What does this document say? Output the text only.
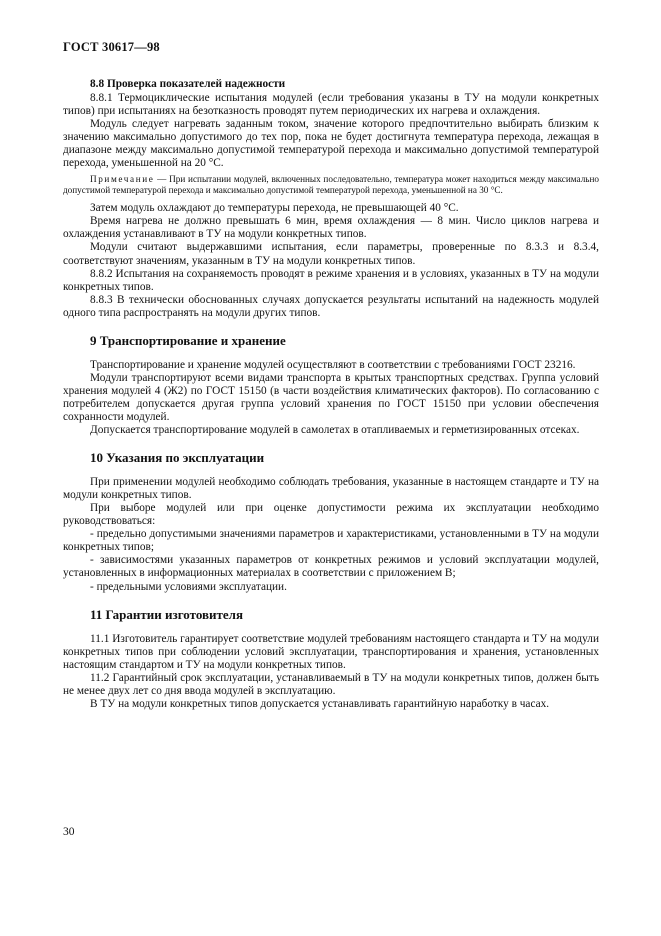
ГОСТ 30617—98
8.8 Проверка показателей надежности

8.8.1 Термоциклические испытания модулей (если требования указаны в ТУ на модули конкретных типов) при испытаниях на безотказность проводят путем периодических их нагрева и охлаждения.

Модуль следует нагревать заданным током, значение которого предпочтительно выбирать близким к значению максимально допустимого до тех пор, пока не будет достигнута температура перехода, лежащая в диапазоне между максимально допустимой температурой перехода и максимально допустимой температурой перехода, уменьшенной на 20 °С.

Примечание — При испытании модулей, включенных последовательно, температура может находиться между максимально допустимой температурой перехода и максимально допустимой температурой перехода, уменьшенной на 30 °С.

Затем модуль охлаждают до температуры перехода, не превышающей 40 °С.

Время нагрева не должно превышать 6 мин, время охлаждения — 8 мин. Число циклов нагрева и охлаждения устанавливают в ТУ на модули конкретных типов.

Модули считают выдержавшими испытания, если параметры, проверенные по 8.3.3 и 8.3.4, соответствуют значениям, указанным в ТУ на модули конкретных типов.

8.8.2 Испытания на сохраняемость проводят в режиме хранения и в условиях, указанных в ТУ на модули конкретных типов.

8.8.3 В технически обоснованных случаях допускается результаты испытаний на надежность модулей одного типа распространять на модули других типов.

9 Транспортирование и хранение

Транспортирование и хранение модулей осуществляют в соответствии с требованиями ГОСТ 23216.

Модули транспортируют всеми видами транспорта в крытых транспортных средствах. Группа условий хранения модулей 4 (Ж2) по ГОСТ 15150 (в части воздействия климатических факторов). По согласованию с потребителем допускается другая группа условий хранения по ГОСТ 15150 при условии обеспечения сохранности модулей.

Допускается транспортирование модулей в самолетах в отапливаемых и герметизированных отсеках.

10 Указания по эксплуатации

При применении модулей необходимо соблюдать требования, указанные в настоящем стандарте и ТУ на модули конкретных типов.

При выборе модулей или при оценке допустимости режима их эксплуатации необходимо руководствоваться:

- предельно допустимыми значениями параметров и характеристиками, установленными в ТУ на модули конкретных типов;

- зависимостями указанных параметров от конкретных режимов и условий эксплуатации модулей, установленных в информационных материалах в соответствии с приложением В;

- предельными условиями эксплуатации.

11 Гарантии изготовителя

11.1 Изготовитель гарантирует соответствие модулей требованиям настоящего стандарта и ТУ на модули конкретных типов при соблюдении условий эксплуатации, транспортирования и хранения, установленных настоящим стандартом и ТУ на модули конкретных типов.

11.2 Гарантийный срок эксплуатации, устанавливаемый в ТУ на модули конкретных типов, должен быть не менее двух лет со дня ввода модулей в эксплуатацию.

В ТУ на модули конкретных типов допускается устанавливать гарантийную наработку в часах.

30
